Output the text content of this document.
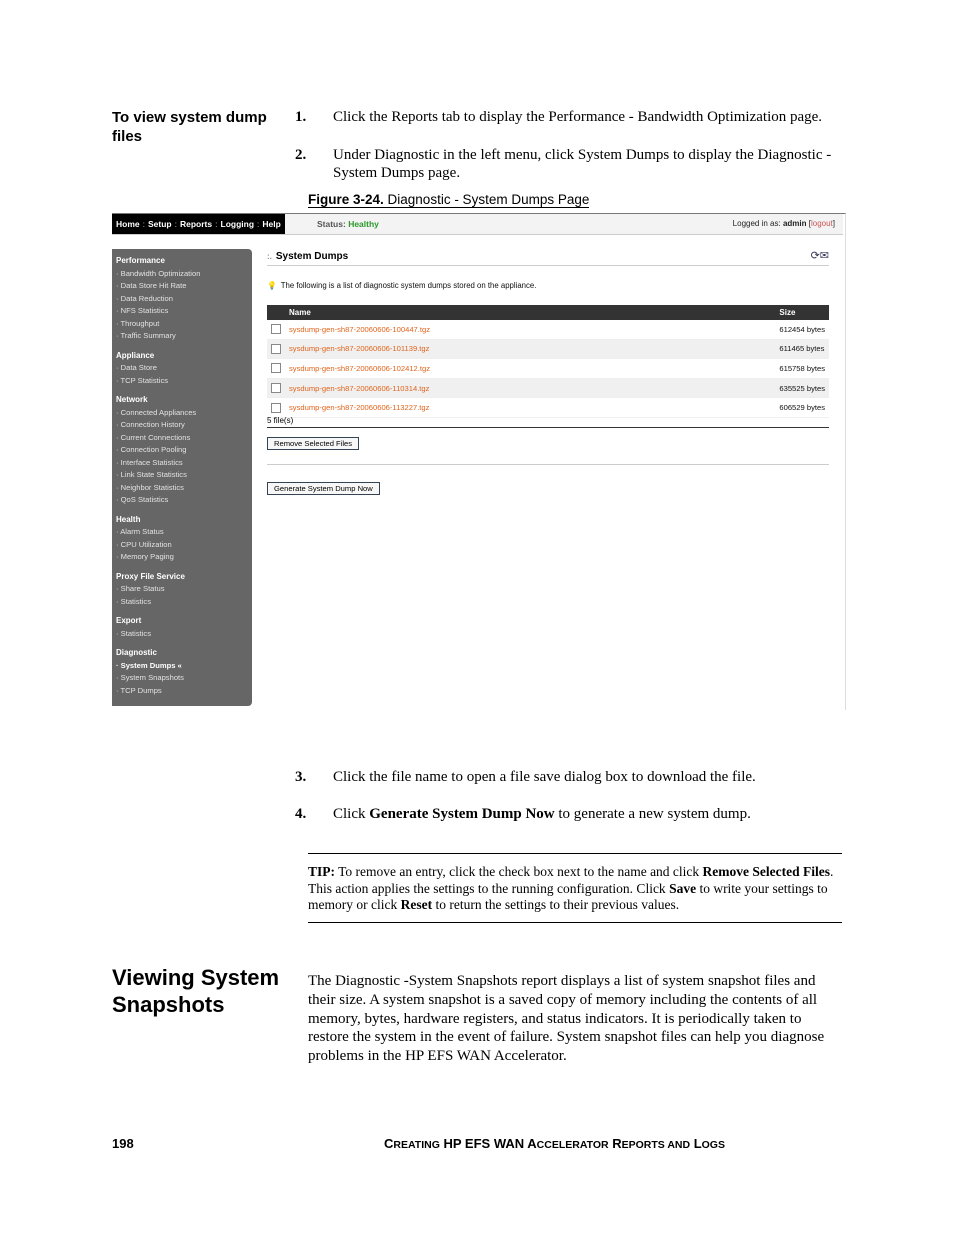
To view system dump files
1. Click the Reports tab to display the Performance - Bandwidth Optimization page.
2. Under Diagnostic in the left menu, click System Dumps to display the Diagnostic - System Dumps page.
Figure 3-24. Diagnostic - System Dumps Page
Home : Setup : Reports : Logging : Help	Status: Healthy	Logged in as: admin [logout]
Performance
· Bandwidth Optimization
· Data Store Hit Rate
· Data Reduction
· NFS Statistics
· Throughput
· Traffic Summary
Appliance
· Data Store
· TCP Statistics
Network
· Connected Appliances
· Connection History
· Current Connections
· Connection Pooling
· Interface Statistics
· Link State Statistics
· Neighbor Statistics
· QoS Statistics
Health
· Alarm Status
· CPU Utilization
· Memory Paging
Proxy File Service
· Share Status
· Statistics
Export
· Statistics
Diagnostic
· System Dumps «
· System Snapshots
· TCP Dumps
:. System Dumps	⟳✉
💡 The following is a list of diagnostic system dumps stored on the appliance.
	Name	Size
	sysdump-gen-sh87-20060606-100447.tgz	612454 bytes
	sysdump-gen-sh87-20060606-101139.tgz	611465 bytes
	sysdump-gen-sh87-20060606-102412.tgz	615758 bytes
	sysdump-gen-sh87-20060606-110314.tgz	635525 bytes
	sysdump-gen-sh87-20060606-113227.tgz	606529 bytes
5 file(s)
Remove Selected Files
Generate System Dump Now
3. Click the file name to open a file save dialog box to download the file.
4. Click Generate System Dump Now to generate a new system dump.
TIP: To remove an entry, click the check box next to the name and click Remove Selected Files. This action applies the settings to the running configuration. Click Save to write your settings to memory or click Reset to return the settings to their previous values.
Viewing System Snapshots
The Diagnostic -System Snapshots report displays a list of system snapshot files and their size. A system snapshot is a saved copy of memory including the contents of all memory, bytes, hardware registers, and status indicators. It is periodically taken to restore the system in the event of failure. System snapshot files can help you diagnose problems in the HP EFS WAN Accelerator.
198	CREATING HP EFS WAN ACCELERATOR REPORTS AND LOGS
